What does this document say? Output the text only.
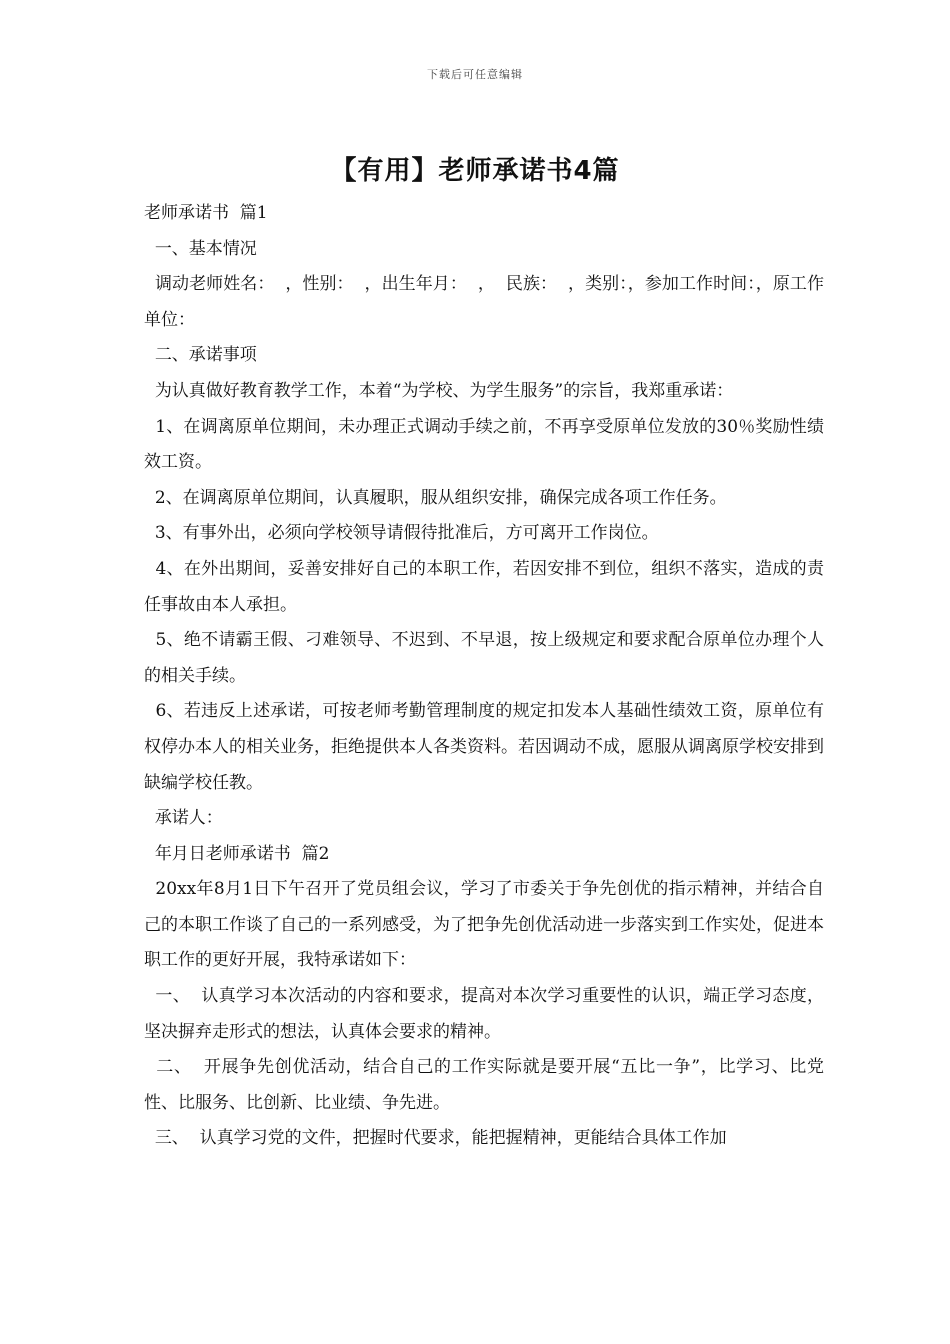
下载后可任意编辑
【有用】老师承诺书4篇

老师承诺书  篇1

一、基本情况

调动老师姓名：  ，性别：  ，出生年月：  ，  民族：  ，类别：，参加工作时间：，原工作单位：

二、承诺事项

为认真做好教育教学工作，本着“为学校、为学生服务”的宗旨，我郑重承诺：

1、在调离原单位期间，未办理正式调动手续之前，不再享受原单位发放的30％奖励性绩效工资。

2、在调离原单位期间，认真履职，服从组织安排，确保完成各项工作任务。

3、有事外出，必须向学校领导请假待批准后，方可离开工作岗位。

4、在外出期间，妥善安排好自己的本职工作，若因安排不到位，组织不落实，造成的责任事故由本人承担。

5、绝不请霸王假、刁难领导、不迟到、不早退，按上级规定和要求配合原单位办理个人的相关手续。

6、若违反上述承诺，可按老师考勤管理制度的规定扣发本人基础性绩效工资，原单位有权停办本人的相关业务，拒绝提供本人各类资料。若因调动不成，愿服从调离原学校安排到缺编学校任教。

承诺人：

年月日老师承诺书  篇2

20xx年8月1日下午召开了党员组会议，学习了市委关于争先创优的指示精神，并结合自己的本职工作谈了自己的一系列感受，为了把争先创优活动进一步落实到工作实处，促进本职工作的更好开展，我特承诺如下：

一、  认真学习本次活动的内容和要求，提高对本次学习重要性的认识，端正学习态度，坚决摒弃走形式的想法，认真体会要求的精神。

二、  开展争先创优活动，结合自己的工作实际就是要开展“五比一争”，比学习、比党性、比服务、比创新、比业绩、争先进。

三、  认真学习党的文件，把握时代要求，能把握精神，更能结合具体工作加
